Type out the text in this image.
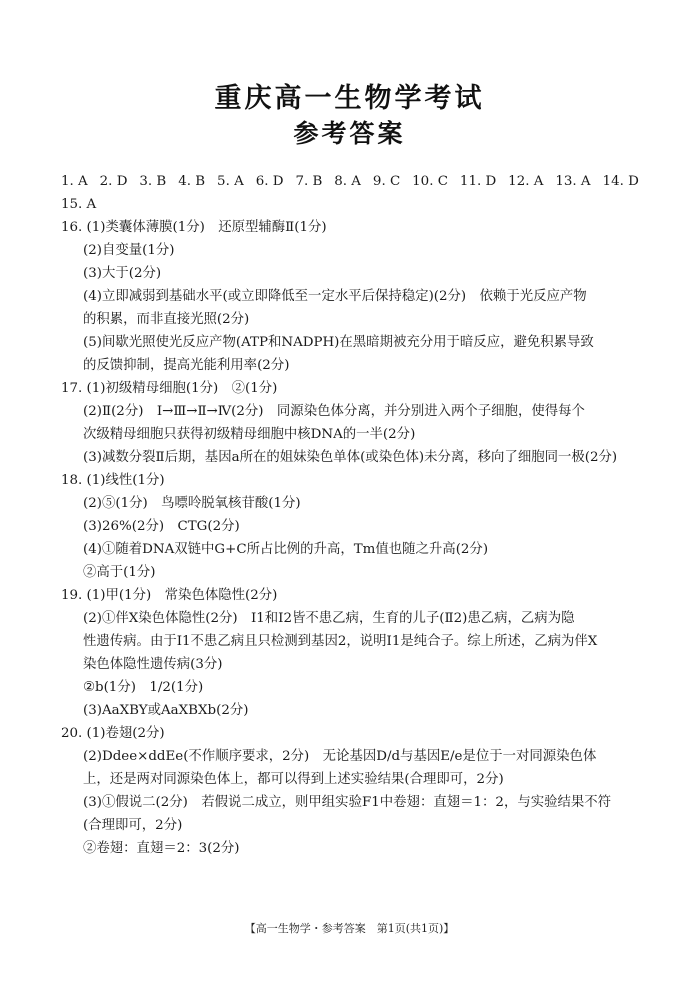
重庆高一生物学考试
参考答案
1. A 2. D 3. B 4. B 5. A 6. D 7. B 8. A 9. C 10. C 11. D 12. A 13. A 14. D
15. A
16. (1)类囊体薄膜(1分)　还原型辅酶Ⅱ(1分)
(2)自变量(1分)
(3)大于(2分)
(4)立即减弱到基础水平(或立即降低至一定水平后保持稳定)(2分)　依赖于光反应产物
的积累，而非直接光照(2分)
(5)间歇光照使光反应产物(ATP和NADPH)在黑暗期被充分用于暗反应，避免积累导致
的反馈抑制，提高光能利用率(2分)
17. (1)初级精母细胞(1分)　②(1分)
(2)Ⅱ(2分)　Ⅰ→Ⅲ→Ⅱ→Ⅳ(2分)　同源染色体分离，并分别进入两个子细胞，使得每个
次级精母细胞只获得初级精母细胞中核DNA的一半(2分)
(3)减数分裂Ⅱ后期，基因a所在的姐妹染色单体(或染色体)未分离，移向了细胞同一极(2分)
18. (1)线性(1分)
(2)⑤(1分)　鸟嘌呤脱氧核苷酸(1分)
(3)26%(2分)　CTG(2分)
(4)①随着DNA双链中G+C所占比例的升高，Tm值也随之升高(2分)
②高于(1分)
19. (1)甲(1分)　常染色体隐性(2分)
(2)①伴X染色体隐性(2分)　Ⅰ1和Ⅰ2皆不患乙病，生育的儿子(Ⅱ2)患乙病，乙病为隐
性遗传病。由于Ⅰ1不患乙病且只检测到基因2，说明Ⅰ1是纯合子。综上所述，乙病为伴X
染色体隐性遗传病(3分)
②b(1分)　1/2(1分)
(3)AaXBY或AaXBXb(2分)
20. (1)卷翅(2分)
(2)Ddee×ddEe(不作顺序要求，2分)　无论基因D/d与基因E/e是位于一对同源染色体
上，还是两对同源染色体上，都可以得到上述实验结果(合理即可，2分)
(3)①假说二(2分)　若假说二成立，则甲组实验F1中卷翅：直翅＝1：2，与实验结果不符
(合理即可，2分)
②卷翅：直翅＝2：3(2分)
【高一生物学・参考答案　第1页(共1页)】
